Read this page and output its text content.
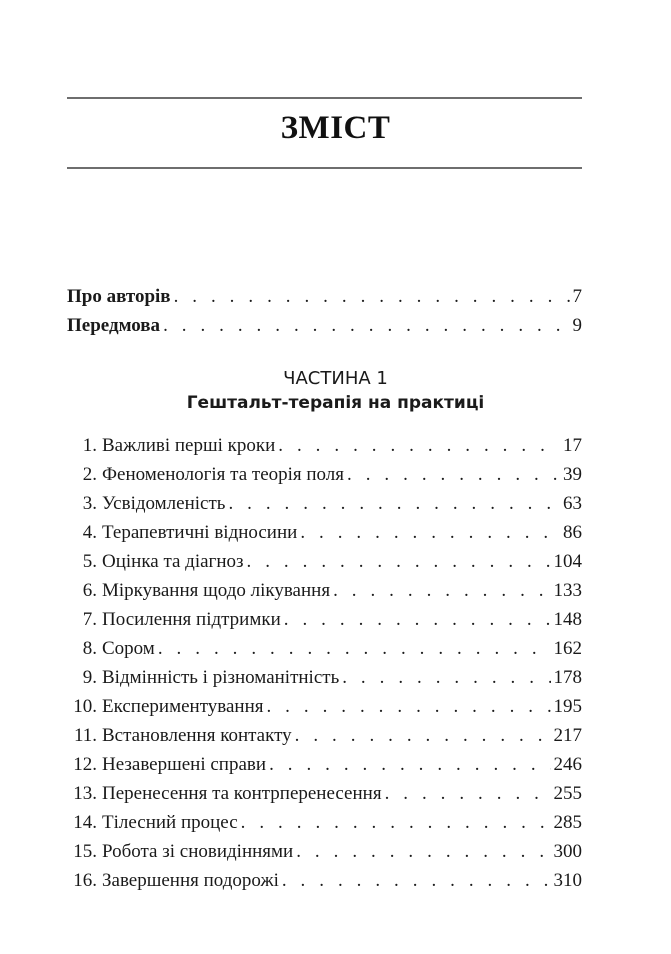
ЗМІСТ
Про авторів . . .	7
Передмова . . .	9
ЧАСТИНА 1
Гештальт-терапія на практиці
1. Важливі перші кроки . . .	17
2. Феноменологія та теорія поля . . .	39
3. Усвідомленість . . .	63
4. Терапевтичні відносини . . .	86
5. Оцінка та діагноз . . .	104
6. Міркування щодо лікування . . .	133
7. Посилення підтримки . . .	148
8. Сором . . .	162
9. Відмінність і різноманітність . . .	178
10. Експериментування . . .	195
11. Встановлення контакту . . .	217
12. Незавершені справи . . .	246
13. Перенесення та контрперенесення . . .	255
14. Тілесний процес . . .	285
15. Робота зі сновидіннями . . .	300
16. Завершення подорожі . . .	310
